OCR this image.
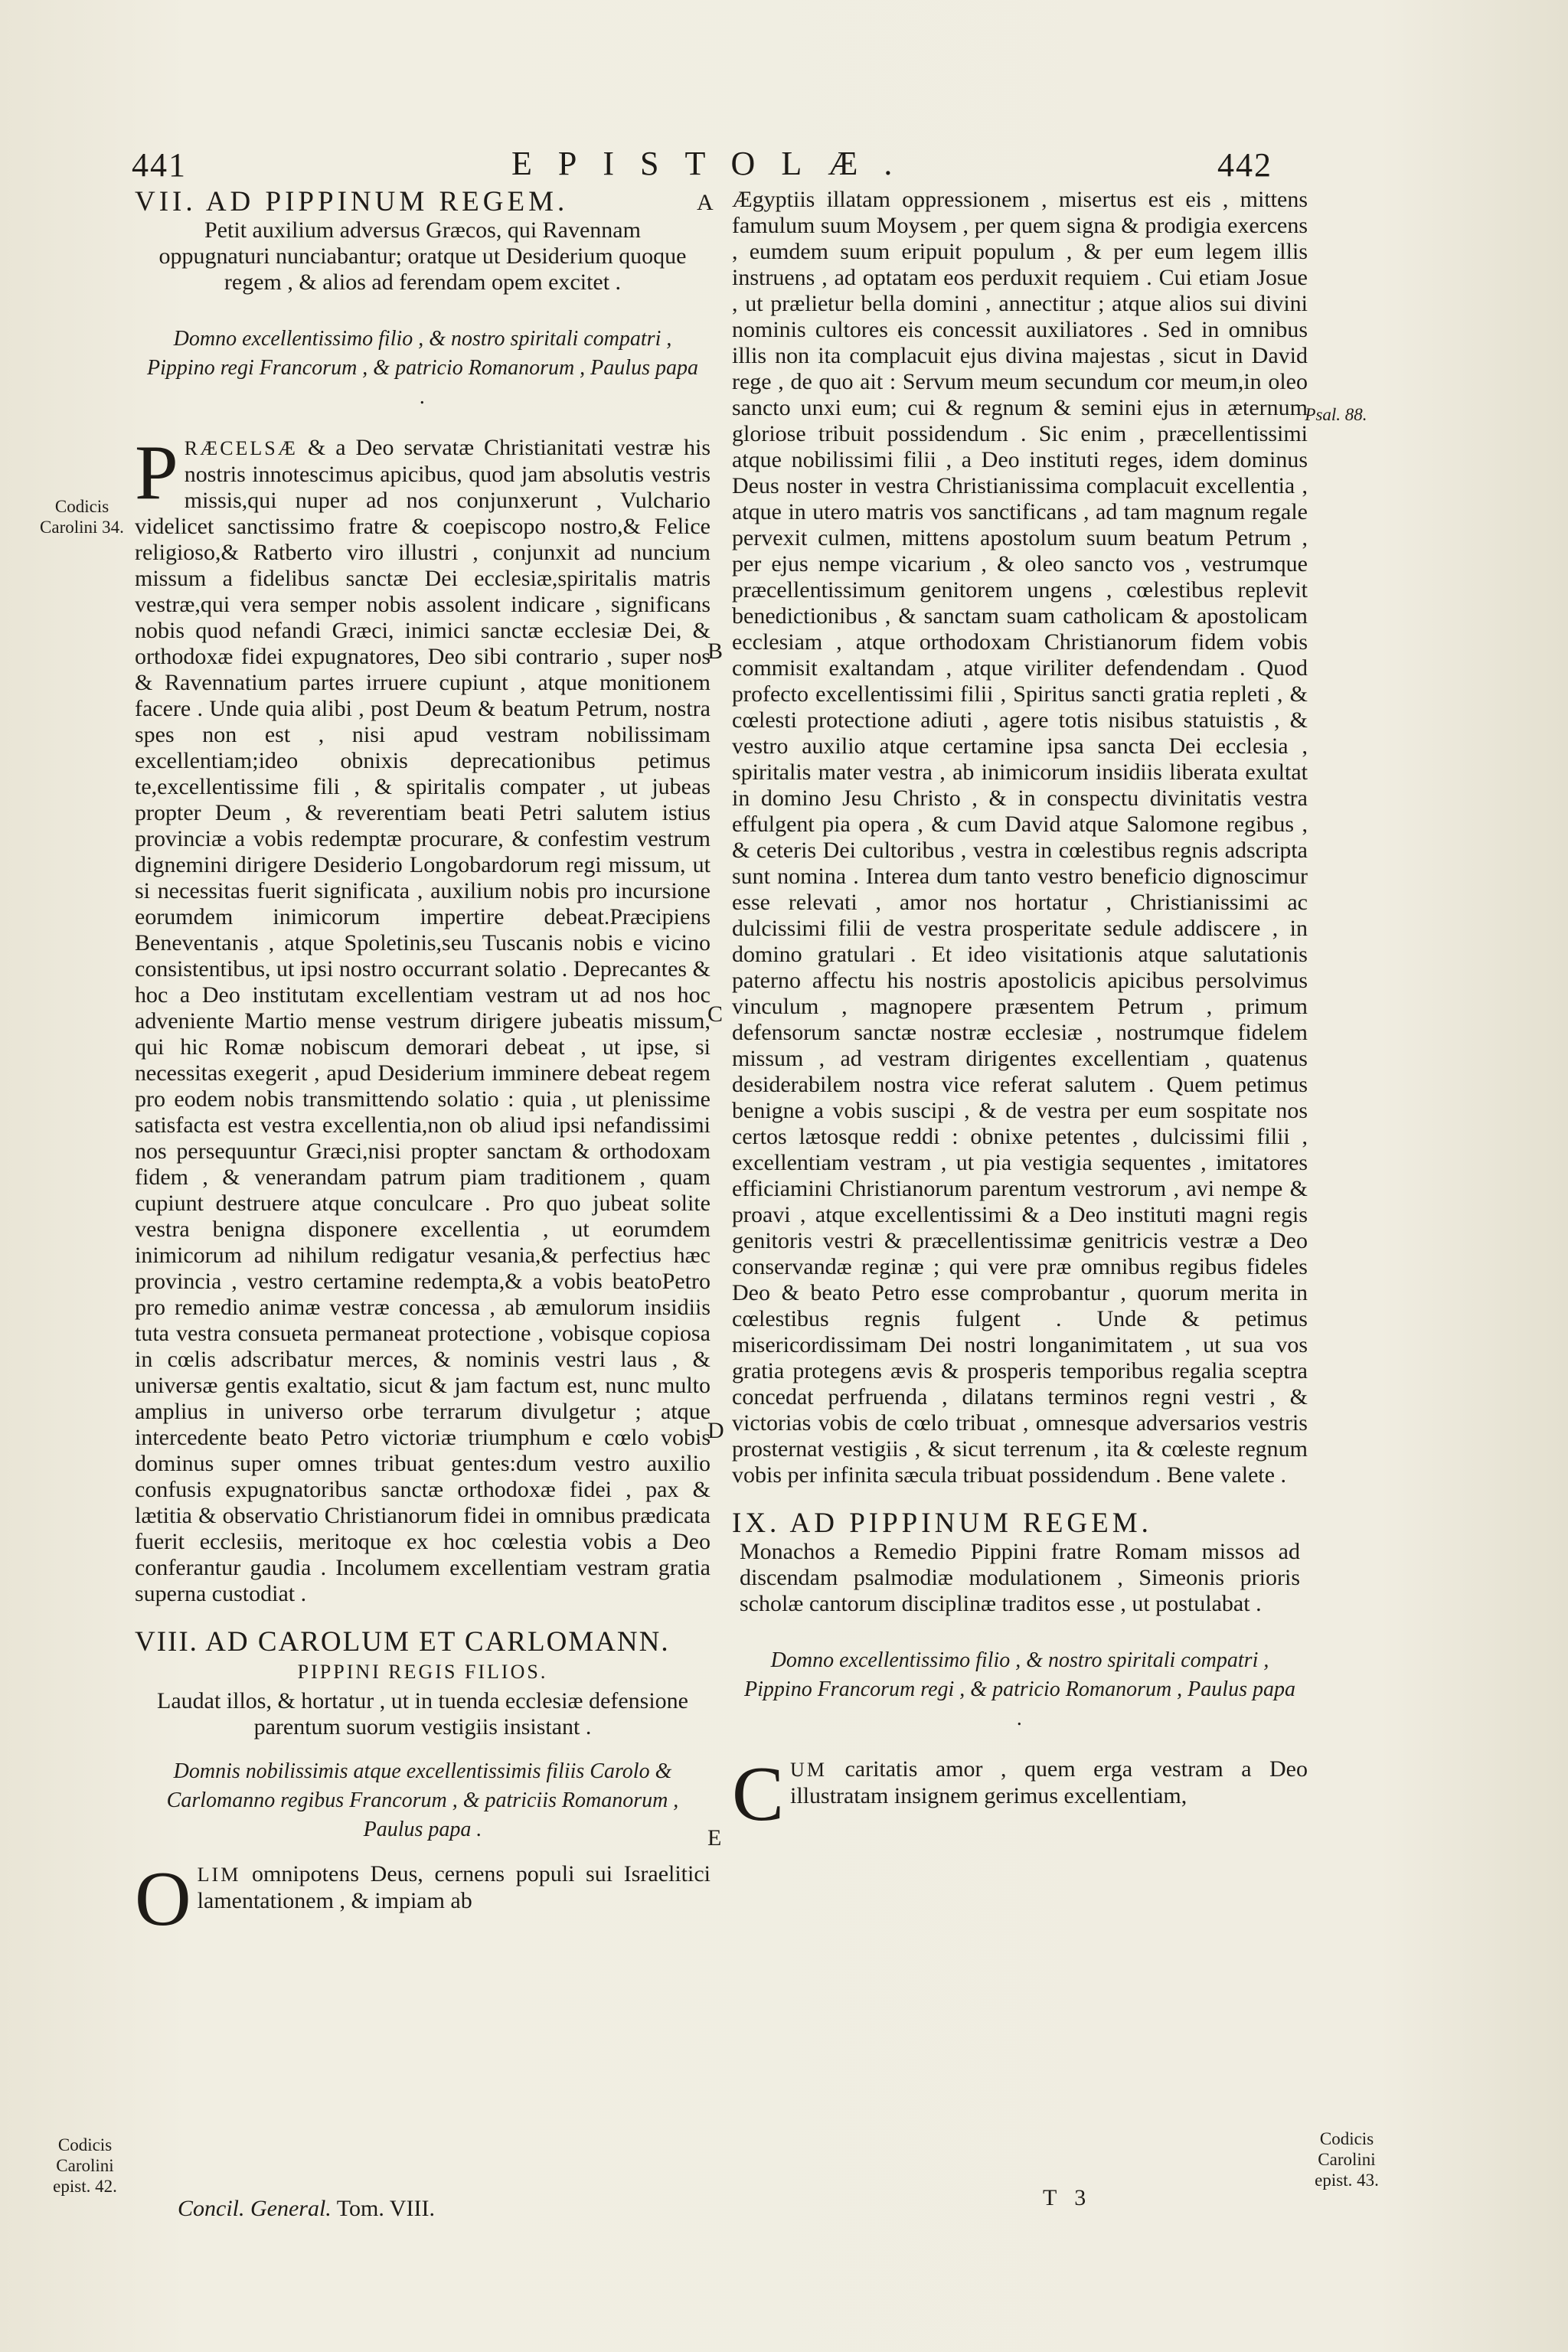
441	EPISTOLÆ.	442
A
B
C
D
E
Codicis Carolini 34.
Codicis Carolini epist. 42.
Psal. 88.
Codicis Carolini epist. 43.
VII. AD PIPPINUM REGEM.
Petit auxilium adversus Græcos, qui Ravennam oppugnaturi nunciabantur; oratque ut Desiderium quoque regem , & alios ad ferendam opem excitet .
Domno excellentissimo filio , & nostro spiritali compatri , Pippino regi Francorum , & patricio Romanorum , Paulus papa .
P RÆCELSÆ & a Deo servatæ Christianitati vestræ his nostris innotescimus apicibus, quod jam absolutis vestris missis,qui nuper ad nos conjunxerunt , Vulchario videlicet sanctissimo fratre & coepiscopo nostro,& Felice religioso,& Ratberto viro illustri , conjunxit ad nuncium missum a fidelibus sanctæ Dei ecclesiæ,spiritalis matris vestræ,qui vera semper nobis assolent indicare , significans nobis quod nefandi Græci, inimici sanctæ ecclesiæ Dei, & orthodoxæ fidei expugnatores, Deo sibi contrario , super nos & Ravennatium partes irruere cupiunt , atque monitionem facere . Unde quia alibi , post Deum & beatum Petrum, nostra spes non est , nisi apud vestram nobilissimam excellentiam;ideo obnixis deprecationibus petimus te,excellentissime fili , & spiritalis compater , ut jubeas propter Deum , & reverentiam beati Petri salutem istius provinciæ a vobis redemptæ procurare, & confestim vestrum dignemini dirigere Desiderio Longobardorum regi missum, ut si necessitas fuerit significata , auxilium nobis pro incursione eorumdem inimicorum impertire debeat.Præcipiens Beneventanis , atque Spoletinis,seu Tuscanis nobis e vicino consistentibus, ut ipsi nostro occurrant solatio . Deprecantes & hoc a Deo institutam excellentiam vestram ut ad nos hoc adveniente Martio mense vestrum dirigere jubeatis missum, qui hic Romæ nobiscum demorari debeat , ut ipse, si necessitas exegerit , apud Desiderium imminere debeat regem pro eodem nobis transmittendo solatio : quia , ut plenissime satisfacta est vestra excellentia,non ob aliud ipsi nefandissimi nos persequuntur Græci,nisi propter sanctam & orthodoxam fidem , & venerandam patrum piam traditionem , quam cupiunt destruere atque conculcare . Pro quo jubeat solite vestra benigna disponere excellentia , ut eorumdem inimicorum ad nihilum redigatur vesania,& perfectius hæc provincia , vestro certamine redempta,& a vobis beatoPetro pro remedio animæ vestræ concessa , ab æmulorum insidiis tuta vestra consueta permaneat protectione , vobisque copiosa in cœlis adscribatur merces, & nominis vestri laus , & universæ gentis exaltatio, sicut & jam factum est, nunc multo amplius in universo orbe terrarum divulgetur ; atque intercedente beato Petro victoriæ triumphum e cœlo vobis dominus super omnes tribuat gentes:dum vestro auxilio confusis expugnatoribus sanctæ orthodoxæ fidei , pax & lætitia & observatio Christianorum fidei in omnibus prædicata fuerit ecclesiis, meritoque ex hoc cœlestia vobis a Deo conferantur gaudia . Incolumem excellentiam vestram gratia superna custodiat .
VIII. AD CAROLUM ET CARLOMANN.
PIPPINI REGIS FILIOS.
Laudat illos, & hortatur , ut in tuenda ecclesiæ defensione parentum suorum vestigiis insistant .
Domnis nobilissimis atque excellentissimis filiis Carolo & Carlomanno regibus Francorum , & patriciis Romanorum , Paulus papa .
O LIM omnipotens Deus, cernens populi sui Israelitici lamentationem , & impiam ab
Ægyptiis illatam oppressionem , misertus est eis , mittens famulum suum Moysem , per quem signa & prodigia exercens , eumdem suum eripuit populum , & per eum legem illis instruens , ad optatam eos perduxit requiem . Cui etiam Josue , ut prælietur bella domini , annectitur ; atque alios sui divini nominis cultores eis concessit auxiliatores . Sed in omnibus illis non ita complacuit ejus divina majestas , sicut in David rege , de quo ait : Servum meum secundum cor meum,in oleo sancto unxi eum; cui & regnum & semini ejus in æternum gloriose tribuit possidendum . Sic enim , præcellentissimi atque nobilissimi filii , a Deo instituti reges, idem dominus Deus noster in vestra Christianissima complacuit excellentia , atque in utero matris vos sanctificans , ad tam magnum regale pervexit culmen, mittens apostolum suum beatum Petrum , per ejus nempe vicarium , & oleo sancto vos , vestrumque præcellentissimum genitorem ungens , cœlestibus replevit benedictionibus , & sanctam suam catholicam & apostolicam ecclesiam , atque orthodoxam Christianorum fidem vobis commisit exaltandam , atque viriliter defendendam . Quod profecto excellentissimi filii , Spiritus sancti gratia repleti , & cœlesti protectione adiuti , agere totis nisibus statuistis , & vestro auxilio atque certamine ipsa sancta Dei ecclesia , spiritalis mater vestra , ab inimicorum insidiis liberata exultat in domino Jesu Christo , & in conspectu divinitatis vestra effulgent pia opera , & cum David atque Salomone regibus , & ceteris Dei cultoribus , vestra in cœlestibus regnis adscripta sunt nomina . Interea dum tanto vestro beneficio dignoscimur esse relevati , amor nos hortatur , Christianissimi ac dulcissimi filii de vestra prosperitate sedule addiscere , in domino gratulari . Et ideo visitationis atque salutationis paterno affectu his nostris apostolicis apicibus persolvimus vinculum , magnopere præsentem Petrum , primum defensorum sanctæ nostræ ecclesiæ , nostrumque fidelem missum , ad vestram dirigentes excellentiam , quatenus desiderabilem nostra vice referat salutem . Quem petimus benigne a vobis suscipi , & de vestra per eum sospitate nos certos lætosque reddi : obnixe petentes , dulcissimi filii , excellentiam vestram , ut pia vestigia sequentes , imitatores efficiamini Christianorum parentum vestrorum , avi nempe & proavi , atque excellentissimi & a Deo instituti magni regis genitoris vestri & præcellentissimæ genitricis vestræ a Deo conservandæ reginæ ; qui vere præ omnibus regibus fideles Deo & beato Petro esse comprobantur , quorum merita in cœlestibus regnis fulgent . Unde & petimus misericordissimam Dei nostri longanimitatem , ut sua vos gratia protegens ævis & prosperis temporibus regalia sceptra concedat perfruenda , dilatans terminos regni vestri , & victorias vobis de cœlo tribuat , omnesque adversarios vestris prosternat vestigiis , & sicut terrenum , ita & cœleste regnum vobis per infinita sæcula tribuat possidendum . Bene valete .
IX. AD PIPPINUM REGEM.
Monachos a Remedio Pippini fratre Romam missos ad discendam psalmodiæ modulationem , Simeonis prioris scholæ cantorum disciplinæ traditos esse , ut postulabat .
Domno excellentissimo filio , & nostro spiritali compatri , Pippino Francorum regi , & patricio Romanorum , Paulus papa .
C UM caritatis amor , quem erga vestram a Deo illustratam insignem gerimus excellentiam,
Concil. General. Tom. VIII.	T 3
